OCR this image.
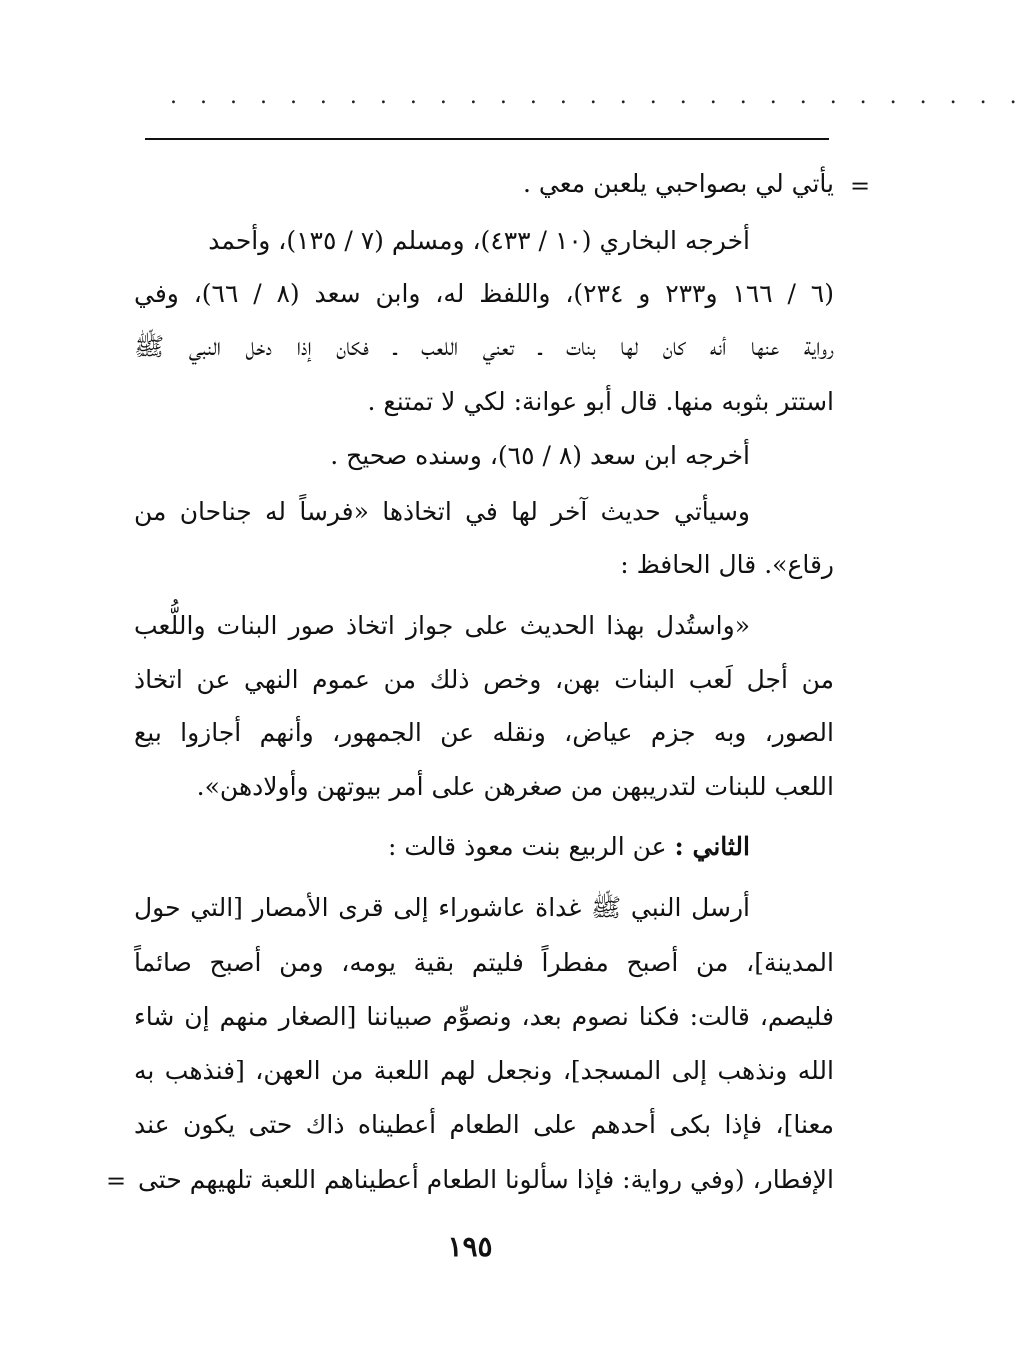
. . . . . . . . . . . . . . . . . . . . . . . . . . . . .
=
يأتي لي بصواحبي يلعبن معي .
أخرجه البخاري (١٠ / ٤٣٣)، ومسلم (٧ / ١٣٥)، وأحمد
(٦ / ١٦٦ و٢٣٣ و ٢٣٤)، واللفظ له، وابن سعد (٨ / ٦٦)، وفي
رواية عنها أنه كان لها بنات ـ تعني اللعب ـ فكان إذا دخل النبي ﷺ
استتر بثوبه منها. قال أبو عوانة: لكي لا تمتنع .
أخرجه ابن سعد (٨ / ٦٥)، وسنده صحيح .
وسيأتي حديث آخر لها في اتخاذها «فرساً له جناحان من
رقاع». قال الحافظ :
«واستُدل بهذا الحديث على جواز اتخاذ صور البنات واللُّعب
من أجل لَعب البنات بهن، وخص ذلك من عموم النهي عن اتخاذ
الصور، وبه جزم عياض، ونقله عن الجمهور، وأنهم أجازوا بيع
اللعب للبنات لتدريبهن من صغرهن على أمر بيوتهن وأولادهن».
الثاني : عن الربيع بنت معوذ قالت :
أرسل النبي ﷺ غداة عاشوراء إلى قرى الأمصار [التي حول
المدينة]، من أصبح مفطراً فليتم بقية يومه، ومن أصبح صائماً
فليصم، قالت: فكنا نصوم بعد، ونصوِّم صبياننا [الصغار منهم إن شاء
الله ونذهب إلى المسجد]، ونجعل لهم اللعبة من العهن، [فنذهب به
معنا]، فإذا بكى أحدهم على الطعام أعطيناه ذاك حتى يكون عند
الإفطار، (وفي رواية: فإذا سألونا الطعام أعطيناهم اللعبة تلهيهم حتى
=
١٩٥
